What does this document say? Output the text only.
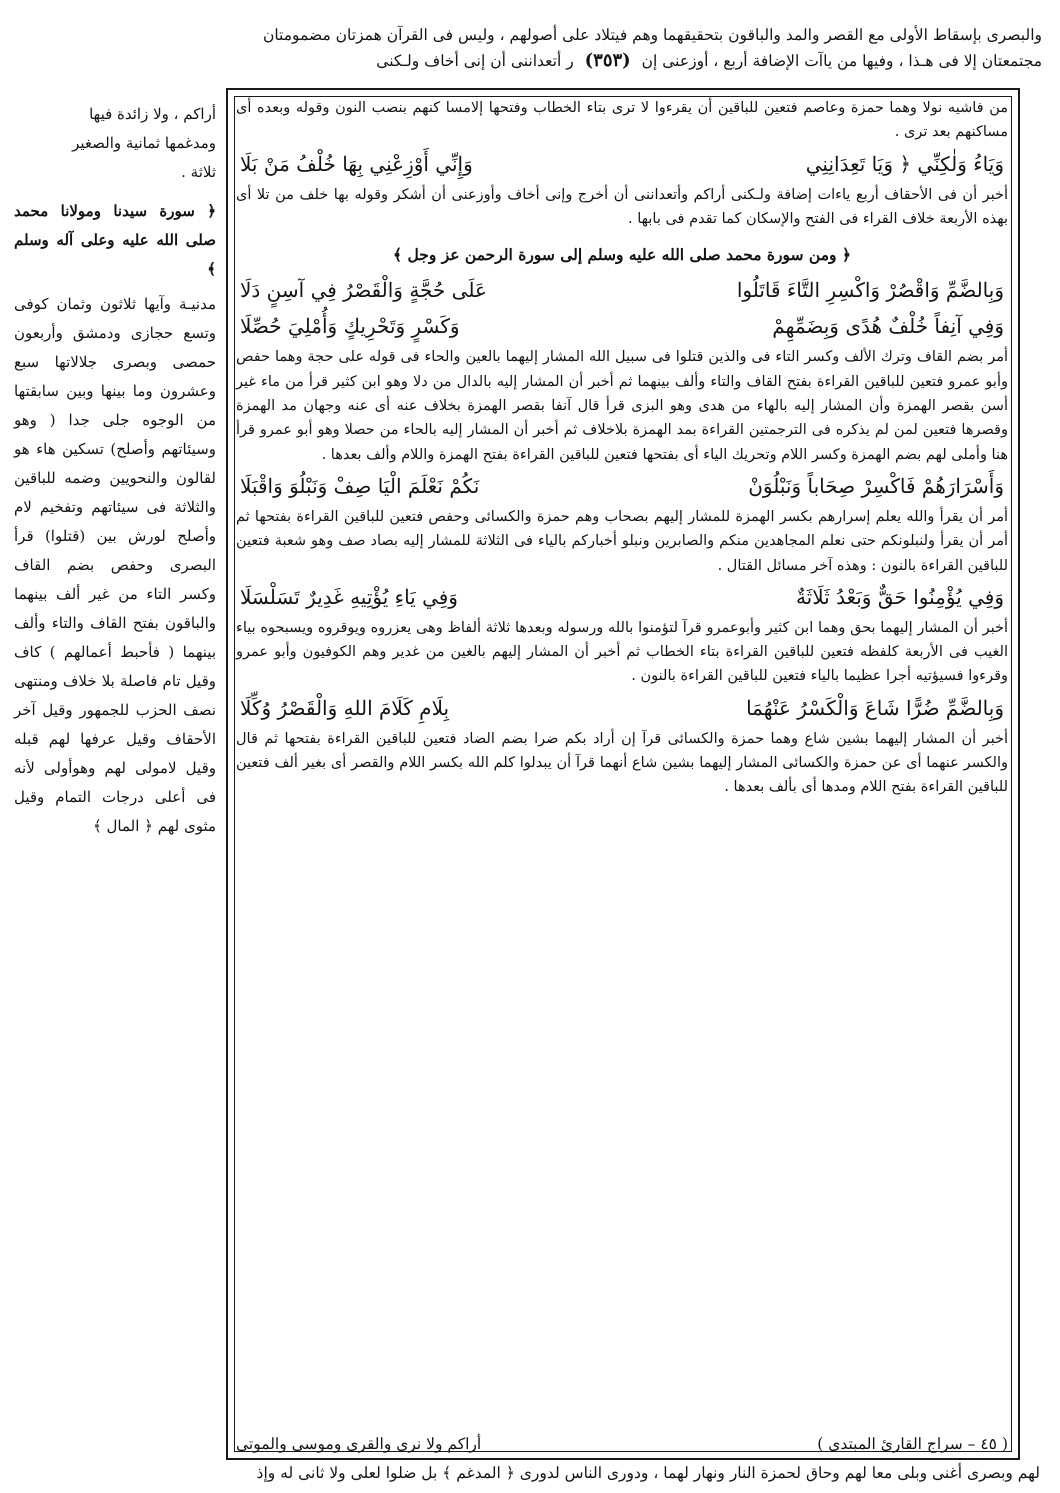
والبصرى بإسقاط الأولى مع القصر والمد والباقون بتحقيقهما وهم فيتلاد على أصولهم ، وليس فى القرآن همزتان مضمومتان
مجتمعتان إلا فى هـذا ، وفيها من ياآت الإضافة أربع ، أوزعنى إن (٣٥٣) ر أتعداننى أن إنى أخاف ولـكنى

من فاشيه نولا وهما حمزة وعاصم فتعين للباقين أن يقرءوا لا ترى بتاء الخطاب وفتحها إلامسا كنهم بنصب النون وقوله وبعده أى مساكنهم بعد ترى .

وَيَاءُ وَلٰكِنِّي ﴿ وَيَا تَعِدَانِنِي
وَإِنِّي أَوْزِعْنِي بِهَا خُلْفُ مَنْ بَلَا

أخبر أن فى الأحقاف أربع ياءات إضافة ولـكنى أراكم وأتعداننى أن أخرج وإنى أخاف وأوزعنى أن أشكر وقوله بها خلف من تلا أى بهذه الأربعة خلاف القراء فى الفتح والإسكان كما تقدم فى بابها .

﴿ ومن سورة محمد صلى الله عليه وسلم إلى سورة الرحمن عز وجل ﴾
وَبِالضَّمِّ وَاقْصُرْ وَاكْسِرِ التَّاءَ قَاتَلُوا
عَلَى حُجَّةٍ وَالْقَصْرُ فِي آسِنٍ دَلَا
وَفِي آنِفاً خُلْفٌ هُدًى وَبِضَمِّهِمْ
وَكَسْرٍ وَتَحْرِيكٍ وَأُمْلِيَ حُصِّلَا

أمر بضم القاف وترك الألف وكسر التاء فى والذين قتلوا فى سبيل الله المشار إليهما بالعين والحاء فى قوله على حجة وهما حفص وأبو عمرو فتعين للباقين القراءة بفتح القاف والتاء وألف بينهما ثم أخبر أن المشار إليه بالدال من دلا وهو ابن كثير قرأ من ماء غير أسن بقصر الهمزة وأن المشار إليه بالهاء من هدى وهو البزى قرأ قال آنفا بقصر الهمزة بخلاف عنه أى عنه وجهان مد الهمزة وقصرها فتعين لمن لم يذكره فى الترجمتين القراءة بمد الهمزة بلاخلاف ثم أخبر أن المشار إليه بالحاء من حصلا وهو أبو عمرو قرأ هنا وأملى لهم بضم الهمزة وكسر اللام وتحريك الياء أى بفتحها فتعين للباقين القراءة بفتح الهمزة واللام وألف بعدها .

وَأَسْرَارَهُمْ فَاكْسِرْ صِحَاباً وَنَبْلُوَنْ
نَكُمْ نَعْلَمَ الْيَا صِفْ وَنَبْلُوَ وَاقْبَلَا

أمر أن يقرأ والله يعلم إسرارهم بكسر الهمزة للمشار إليهم بصحاب وهم حمزة والكسائى وحفص فتعين للباقين القراءة بفتحها ثم أمر أن يقرأ ولنبلونكم حتى نعلم المجاهدين منكم والصابرين ونبلو أخباركم بالياء فى الثلاثة للمشار إليه بصاد صف وهو شعبة فتعين للباقين القراءة بالنون : وهذه آخر مسائل القتال .

وَفِي يُؤْمِنُوا حَقٌّ وَبَعْدُ ثَلَاثَةٌ
وَفِي يَاءِ يُؤْتِيهِ غَدِيرٌ تَسَلْسَلَا

أخبر أن المشار إليهما بحق وهما ابن كثير وأبوعمرو قرآ لتؤمنوا بالله ورسوله وبعدها ثلاثة ألفاظ وهى يعزروه ويوقروه ويسبحوه بياء الغيب فى الأربعة كلفظه فتعين للباقين القراءة بتاء الخطاب ثم أخبر أن المشار إليهم بالغين من غدير وهم الكوفيون وأبو عمرو وقرءوا فسيؤتيه أجرا عظيما بالياء فتعين للباقين القراءة بالنون .

وَبِالضَّمِّ ضُرًّا شَاعَ وَالْكَسْرُ عَنْهُمَا
بِلَامِ كَلَامَ اللهِ وَالْقَصْرُ وُكِّلَا

أخبر أن المشار إليهما بشين شاع وهما حمزة والكسائى قرآ إن أراد بكم ضرا بضم الضاد فتعين للباقين القراءة بفتحها ثم قال والكسر عنهما أى عن حمزة والكسائى المشار إليهما بشين شاع أنهما قرآ أن يبدلوا كلم الله بكسر اللام والقصر أى بغير ألف فتعين للباقين القراءة بفتح اللام ومدها أى بألف بعدها .

أراكم ، ولا زائدة فيها

ومدغمها ثمانية والصغير

ثلاثة .

﴿ سورة سيدنا ومولانا محمد صلى الله عليه وعلى آله وسلم ﴾

مدنيـة وآيها ثلاثون وثمان كوفى وتسع حجازى ودمشق وأربعون حمصى وبصرى جلالاتها سبع وعشرون وما بينها وبين سابقتها من الوجوه جلى جدا ( وهو وسيئاتهم وأصلح) تسكين هاء هو لقالون والنحويين وضمه للباقين والثلاثة فى سيئاتهم وتفخيم لام وأصلح لورش بين (قتلوا) قرأ البصرى وحفص بضم القاف وكسر التاء من غير ألف بينهما والباقون بفتح القاف والتاء وألف بينهما ( فأحبط أعمالهم ) كاف وقيل تام فاصلة بلا خلاف ومنتهى نصف الحزب للجمهور وقيل آخر الأحقاف وقيل عرفها لهم قبله وقيل لامولى لهم وهوأولى لأنه فى أعلى درجات التمام وقيل مثوى لهم ﴿ المال ﴾

( ٤٥ – سراج القارئ المبتدى )
أراكم ولا نرى والقرى وموسى والموتى
لهم وبصرى أغنى وبلى معا لهم وحاق لحمزة النار ونهار لهما ، ودورى الناس لدورى ﴿ المدغم ﴾ بل ضلوا لعلى ولا ثانى له وإذ
